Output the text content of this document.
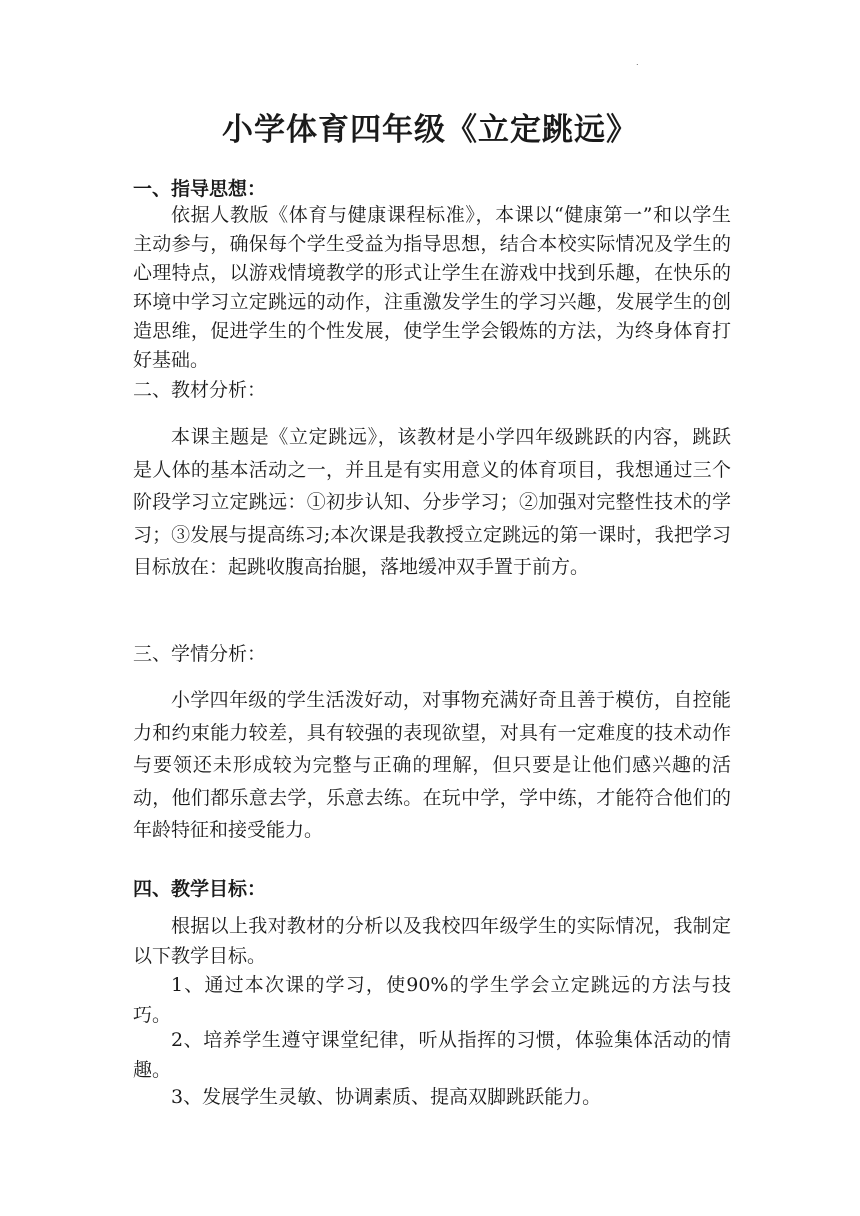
.
小学体育四年级《立定跳远》
一、指导思想：

依据人教版《体育与健康课程标准》，本课以“健康第一”和以学生主动参与，确保每个学生受益为指导思想，结合本校实际情况及学生的心理特点，以游戏情境教学的形式让学生在游戏中找到乐趣，在快乐的环境中学习立定跳远的动作，注重激发学生的学习兴趣，发展学生的创造思维，促进学生的个性发展，使学生学会锻炼的方法，为终身体育打好基础。

二、教材分析：

本课主题是《立定跳远》，该教材是小学四年级跳跃的内容，跳跃是人体的基本活动之一，并且是有实用意义的体育项目，我想通过三个阶段学习立定跳远：①初步认知、分步学习；②加强对完整性技术的学习；③发展与提高练习;本次课是我教授立定跳远的第一课时，我把学习目标放在：起跳收腹高抬腿，落地缓冲双手置于前方。

三、学情分析：

小学四年级的学生活泼好动，对事物充满好奇且善于模仿，自控能力和约束能力较差，具有较强的表现欲望，对具有一定难度的技术动作与要领还未形成较为完整与正确的理解，但只要是让他们感兴趣的活动，他们都乐意去学，乐意去练。在玩中学，学中练，才能符合他们的年龄特征和接受能力。

四、教学目标：

根据以上我对教材的分析以及我校四年级学生的实际情况，我制定以下教学目标。

1、通过本次课的学习，使90%的学生学会立定跳远的方法与技巧。

2、培养学生遵守课堂纪律，听从指挥的习惯，体验集体活动的情趣。

3、发展学生灵敏、协调素质、提高双脚跳跃能力。
